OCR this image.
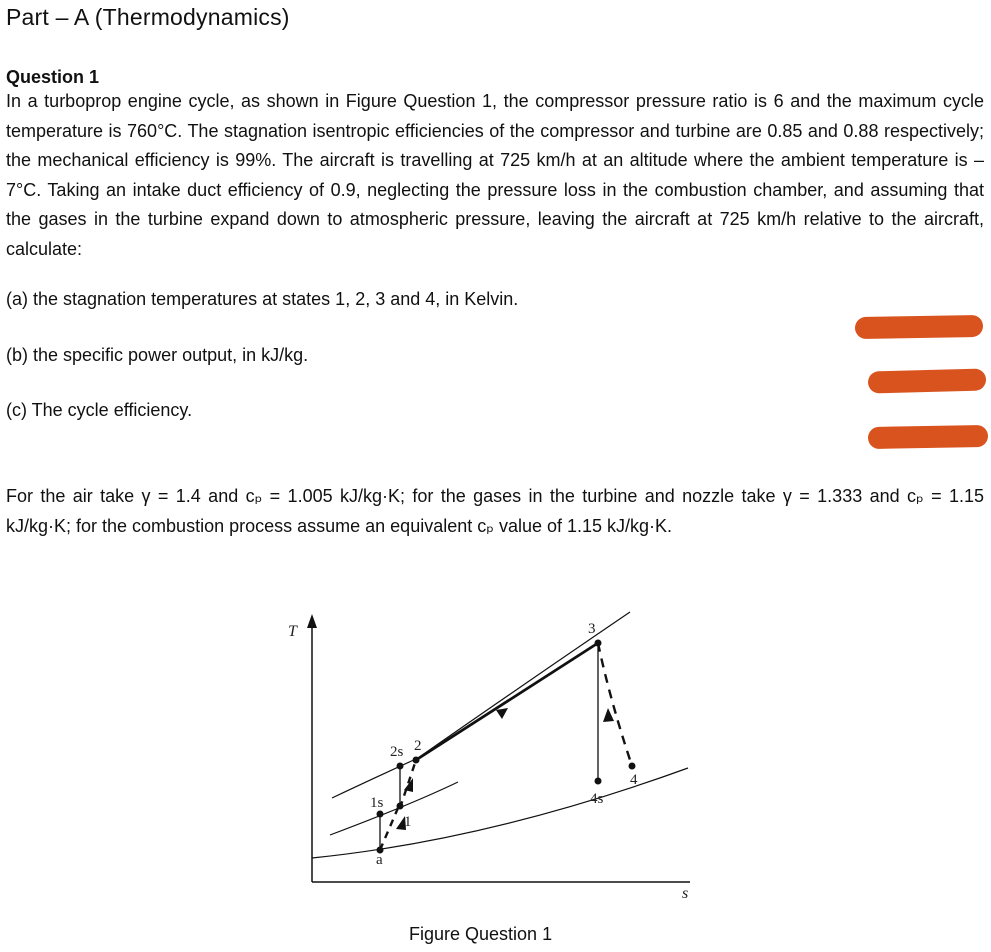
Part – A (Thermodynamics)
Question 1
In a turboprop engine cycle, as shown in Figure Question 1, the compressor pressure ratio is 6 and the maximum cycle temperature is 760°C. The stagnation isentropic efficiencies of the compressor and turbine are 0.85 and 0.88 respectively; the mechanical efficiency is 99%. The aircraft is travelling at 725 km/h at an altitude where the ambient temperature is –7°C. Taking an intake duct efficiency of 0.9, neglecting the pressure loss in the combustion chamber, and assuming that the gases in the turbine expand down to atmospheric pressure, leaving the aircraft at 725 km/h relative to the aircraft, calculate:
(a) the stagnation temperatures at states 1, 2, 3 and 4, in Kelvin.
(b) the specific power output, in kJ/kg.
(c) The cycle efficiency.
For the air take γ = 1.4 and cₚ = 1.005 kJ/kg·K; for the gases in the turbine and nozzle take γ = 1.333 and cₚ = 1.15 kJ/kg·K; for the combustion process assume an equivalent cₚ value of 1.15 kJ/kg·K.
T
s
a
1
1s
2s 2
3
4
4s
Figure Question 1
